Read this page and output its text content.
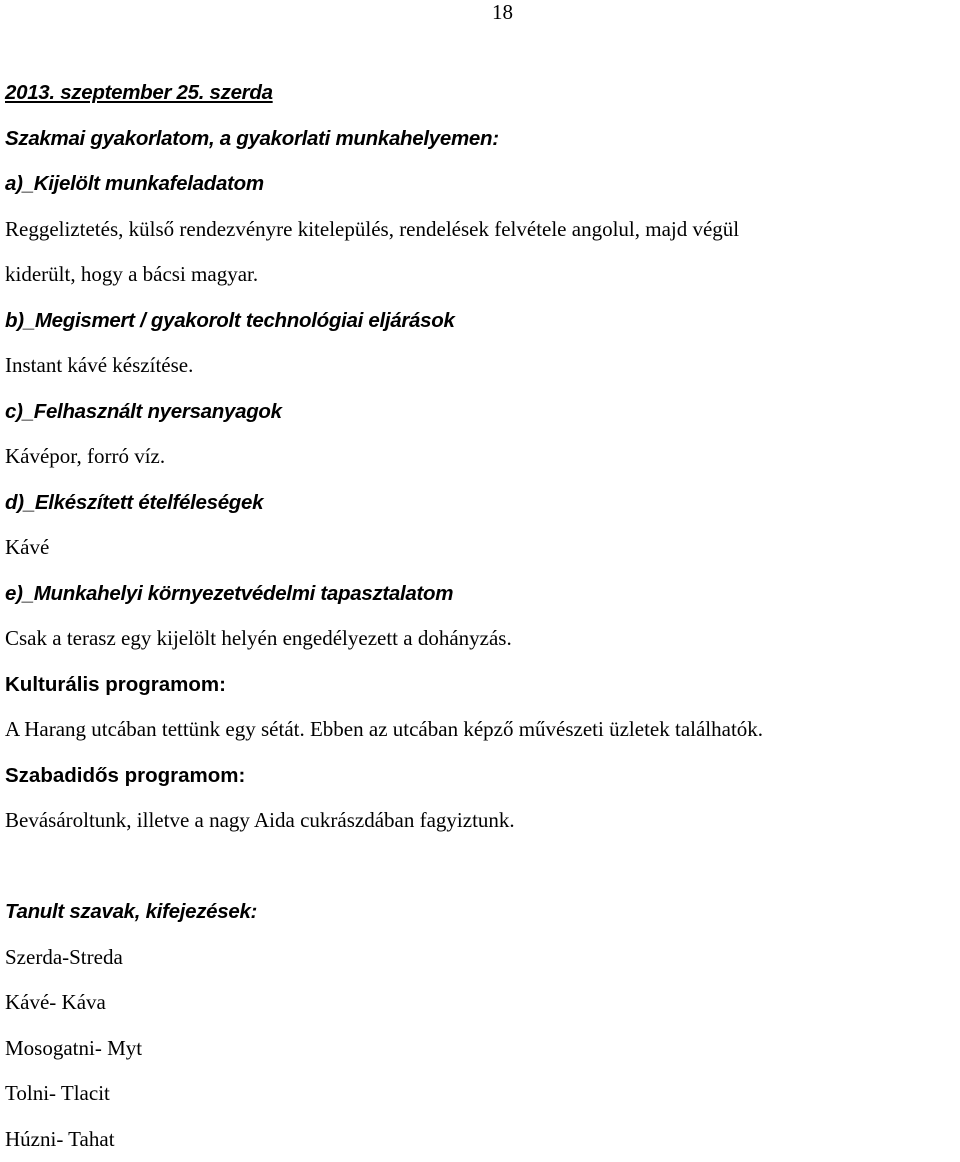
18
2013. szeptember 25. szerda
Szakmai gyakorlatom, a gyakorlati munkahelyemen:
a)_Kijelölt munkafeladatom
Reggeliztetés, külső rendezvényre kitelepülés, rendelések felvétele angolul, majd végül
kiderült, hogy a bácsi magyar.
b)_Megismert / gyakorolt technológiai eljárások
Instant kávé készítése.
c)_Felhasznált nyersanyagok
Kávépor, forró víz.
d)_Elkészített ételféleségek
Kávé
e)_Munkahelyi környezetvédelmi tapasztalatom
Csak a terasz egy kijelölt helyén engedélyezett a dohányzás.
Kulturális programom:
A Harang utcában tettünk egy sétát. Ebben az utcában képző művészeti üzletek találhatók.
Szabadidős programom:
Bevásároltunk, illetve a nagy Aida cukrászdában fagyiztunk.
Tanult szavak, kifejezések:
Szerda-Streda
Kávé- Káva
Mosogatni- Myt
Tolni- Tlacit
Húzni- Tahat
